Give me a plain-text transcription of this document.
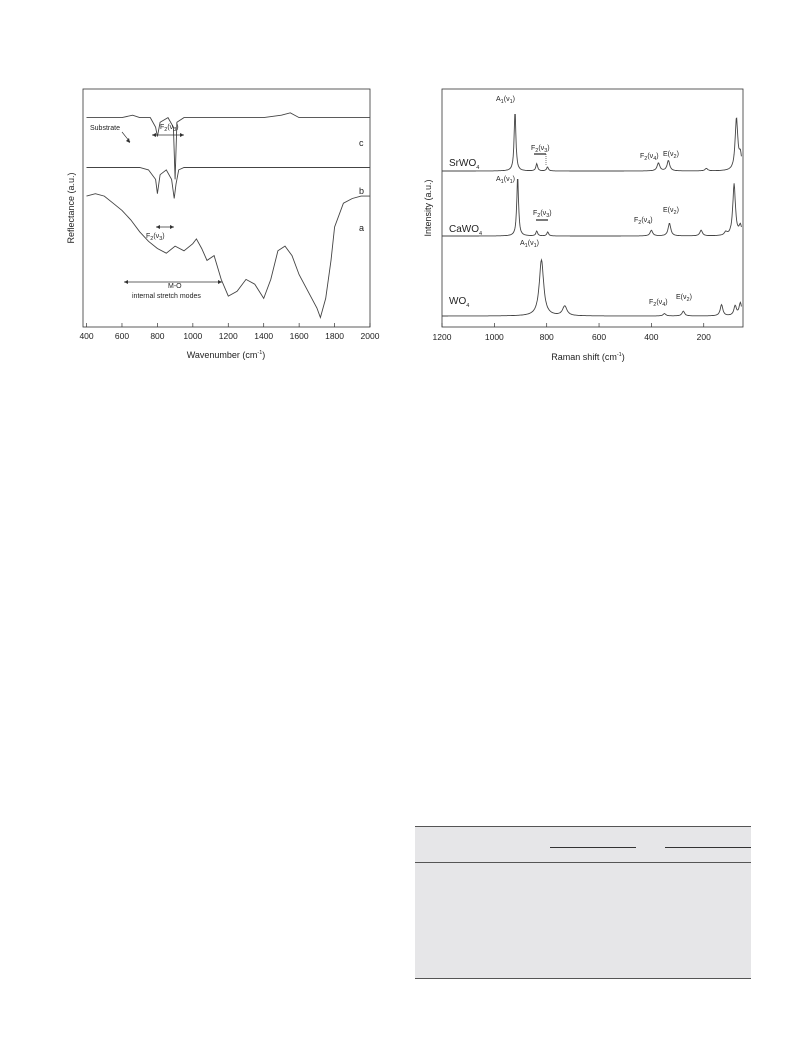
400 600 800 1000 1200 1400 1600 1800 2000
Reflectance (a.u.)
Wavenumber $(cm^{-1})$
c
b
a
Substrate	$F_2(\nu_3)$
$F_2(\nu_3)$
M-O
internal stretch modes
1200	1000	800	600	400	200
Intensity (a.u.)
Raman shift $(cm^{-1})$
SrWO$_4$
CaWO$_4$
$WO_4$
$A_1(\nu_1)$
$F_2(\nu_3)$
$F_2(\nu_4)$ $E(\nu_2)$
$A_1(\nu_1)$
$F_2(\nu_3)$
$F_2(\nu_4)$
$E(\nu_2)$
$A_1(\nu_1)$
$F_2(\nu_4)$
$E(\nu_2)$
